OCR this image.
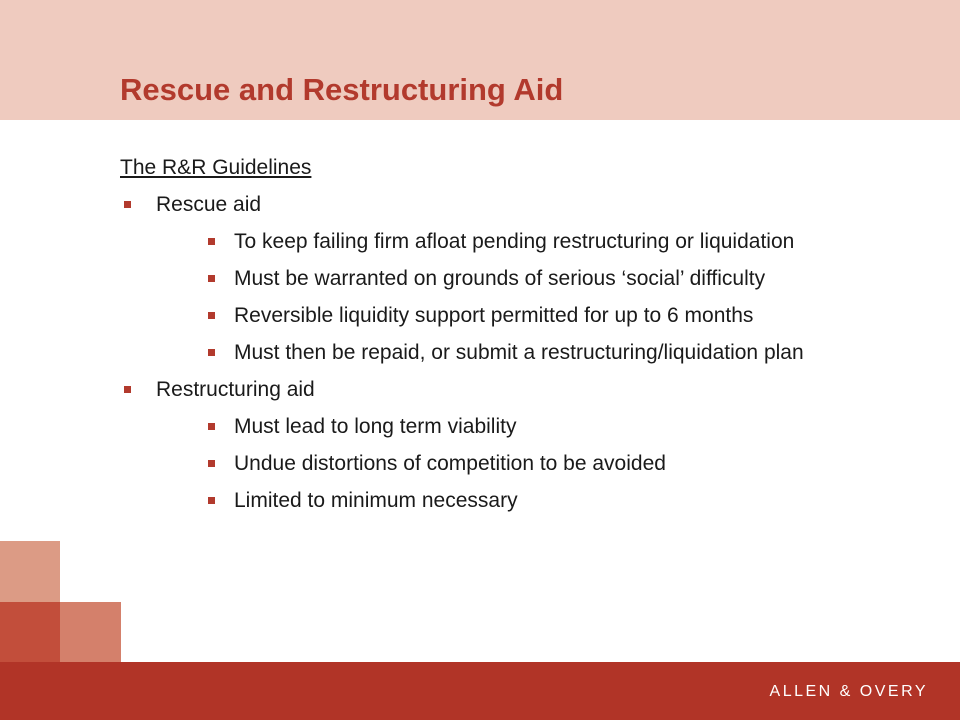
Rescue and Restructuring Aid

The R&R Guidelines

Rescue aid
To keep failing firm afloat pending restructuring or liquidation
Must be warranted on grounds of serious ‘social’ difficulty
Reversible liquidity support permitted for up to 6 months
Must then be repaid, or submit a restructuring/liquidation plan
Restructuring aid
Must lead to long term viability
Undue distortions of competition to be avoided
Limited to minimum necessary
ALLEN & OVERY
